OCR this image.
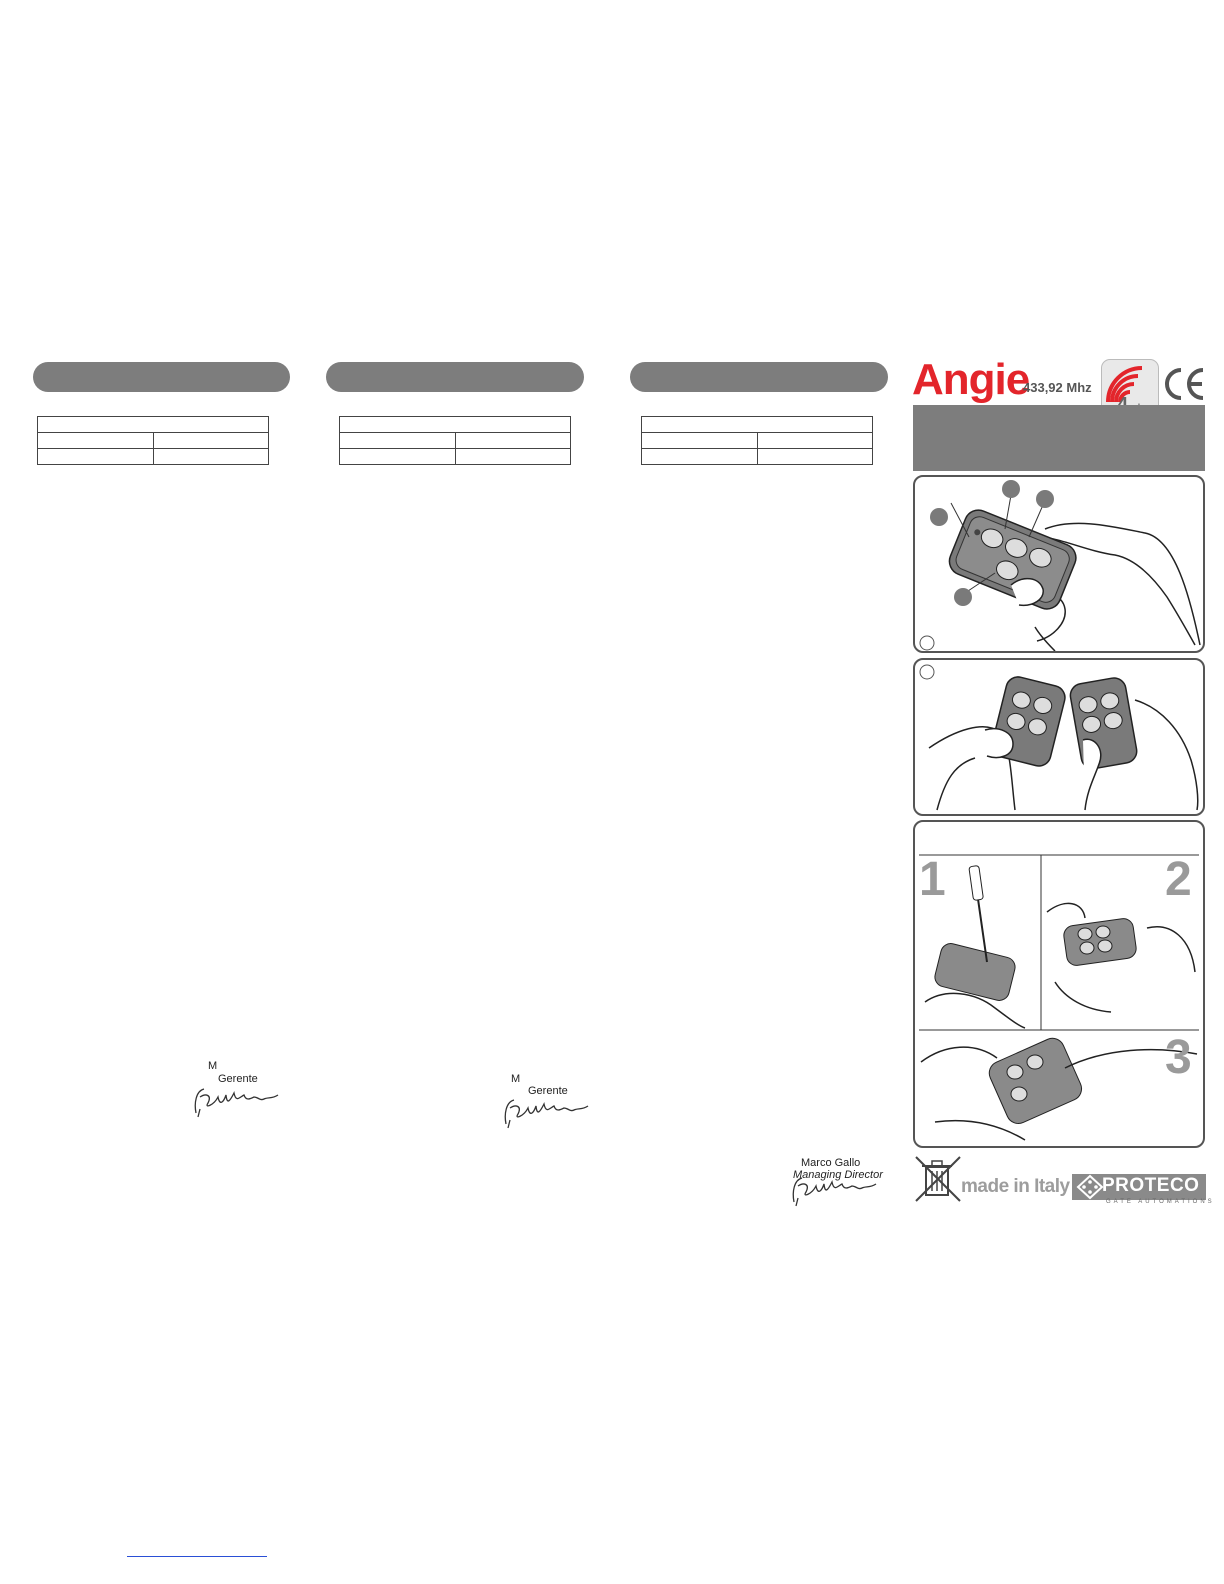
M
Gerente	M
Gerente
Marco Gallo
Managing Director
Angie
433,92 Mhz
1	2
3
made in Italy PROTECO
GATE AUTOMATIONS
